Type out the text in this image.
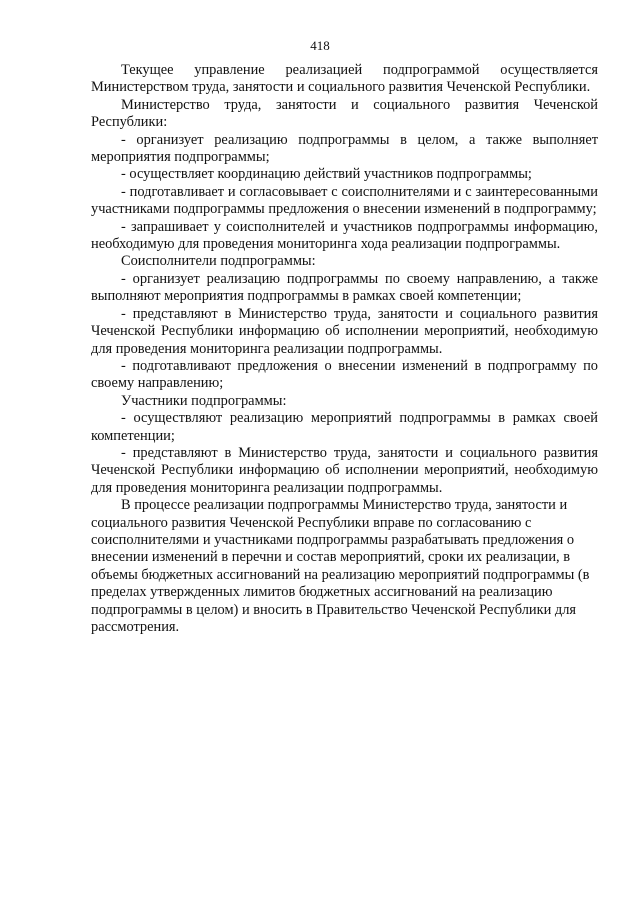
418

Текущее управление реализацией подпрограммой осуществляется Министерством труда, занятости и социального развития Чеченской Республики.

Министерство труда, занятости и социального развития Чеченской Республики:

- организует реализацию подпрограммы в целом, а также выполняет мероприятия подпрограммы;

- осуществляет координацию действий участников подпрограммы;

- подготавливает и согласовывает с соисполнителями и с заинтересованными участниками подпрограммы предложения о внесении изменений в подпрограмму;

- запрашивает у соисполнителей и участников подпрограммы информацию, необходимую для проведения мониторинга хода реализации подпрограммы.

Соисполнители подпрограммы:

- организует реализацию подпрограммы по своему направлению, а также выполняют мероприятия подпрограммы в рамках своей компетенции;

- представляют в Министерство труда, занятости и социального развития Чеченской Республики информацию об исполнении мероприятий, необходимую для проведения мониторинга реализации подпрограммы.

- подготавливают предложения о внесении изменений в подпрограмму по своему направлению;

Участники подпрограммы:

- осуществляют реализацию мероприятий подпрограммы в рамках своей компетенции;

- представляют в Министерство труда, занятости и социального развития Чеченской Республики информацию об исполнении мероприятий, необходимую для проведения мониторинга реализации подпрограммы.

В процессе реализации подпрограммы Министерство труда, занятости и социального развития Чеченской Республики вправе по согласованию с соисполнителями и участниками подпрограммы разрабатывать предложения о внесении изменений в перечни и состав мероприятий, сроки их реализации, в объемы бюджетных ассигнований на реализацию мероприятий подпрограммы (в пределах утвержденных лимитов бюджетных ассигнований на реализацию подпрограммы в целом) и вносить в Правительство Чеченской Республики для рассмотрения.
